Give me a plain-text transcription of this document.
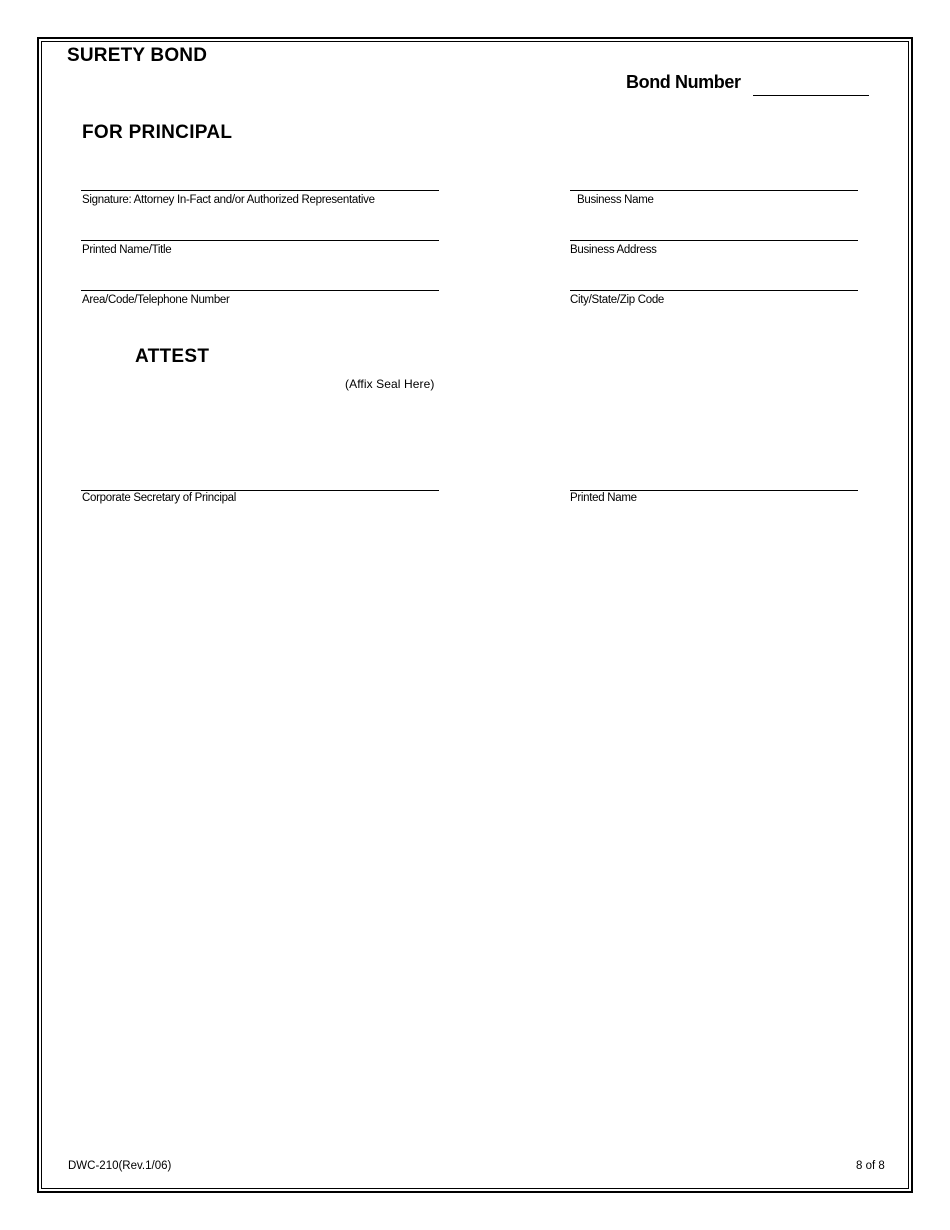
SURETY BOND
Bond Number
FOR PRINCIPAL
Signature: Attorney In-Fact and/or Authorized Representative	Business Name
Printed Name/Title	Business Address
Area/Code/Telephone Number	City/State/Zip Code
ATTEST
(Affix Seal Here)
Corporate Secretary of Principal	Printed Name
DWC-210(Rev.1/06)	8 of 8
